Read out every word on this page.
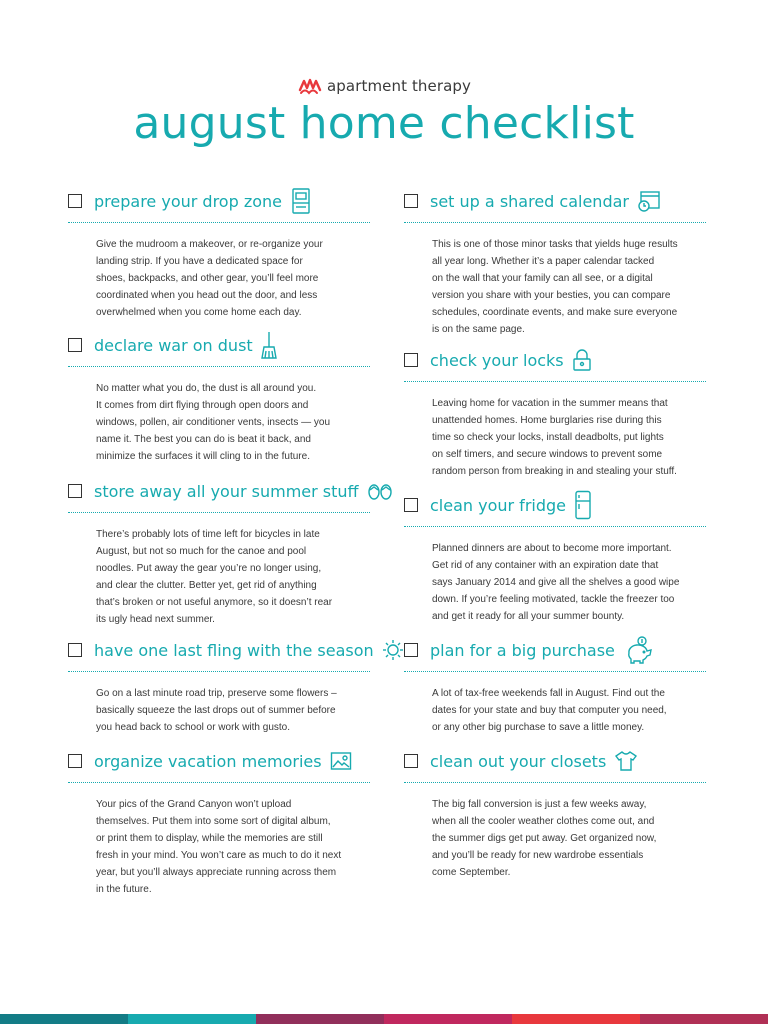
apartment therapy
august home checklist
prepare your drop zone
Give the mudroom a makeover, or re-organize your
landing strip. If you have a dedicated space for
shoes, backpacks, and other gear, you’ll feel more
coordinated when you head out the door, and less
overwhelmed when you come home each day.
declare war on dust
No matter what you do, the dust is all around you.
It comes from dirt flying through open doors and
windows, pollen, air conditioner vents, insects — you
name it. The best you can do is beat it back, and
minimize the surfaces it will cling to in the future.
store away all your summer stuff
There’s probably lots of time left for bicycles in late
August, but not so much for the canoe and pool
noodles. Put away the gear you’re no longer using,
and clear the clutter. Better yet, get rid of anything
that’s broken or not useful anymore, so it doesn’t rear
its ugly head next summer.
have one last fling with the season
Go on a last minute road trip, preserve some flowers –
basically squeeze the last drops out of summer before
you head back to school or work with gusto.
organize vacation memories
Your pics of the Grand Canyon won’t upload
themselves. Put them into some sort of digital album,
or print them to display, while the memories are still
fresh in your mind. You won’t care as much to do it next
year, but you’ll always appreciate running across them
in the future.
set up a shared calendar
This is one of those minor tasks that yields huge results
all year long. Whether it’s a paper calendar tacked
on the wall that your family can all see, or a digital
version you share with your besties, you can compare
schedules, coordinate events, and make sure everyone
is on the same page.
check your locks
Leaving home for vacation in the summer means that
unattended homes. Home burglaries rise during this
time so check your locks, install deadbolts, put lights
on self timers, and secure windows to prevent some
random person from breaking in and stealing your stuff.
clean your fridge
Planned dinners are about to become more important.
Get rid of any container with an expiration date that
says January 2014 and give all the shelves a good wipe
down. If you’re feeling motivated, tackle the freezer too
and get it ready for all your summer bounty.
plan for a big purchase
A lot of tax-free weekends fall in August. Find out the
dates for your state and buy that computer you need,
or any other big purchase to save a little money.
clean out your closets
The big fall conversion is just a few weeks away,
when all the cooler weather clothes come out, and
the summer digs get put away. Get organized now,
and you’ll be ready for new wardrobe essentials
come September.
